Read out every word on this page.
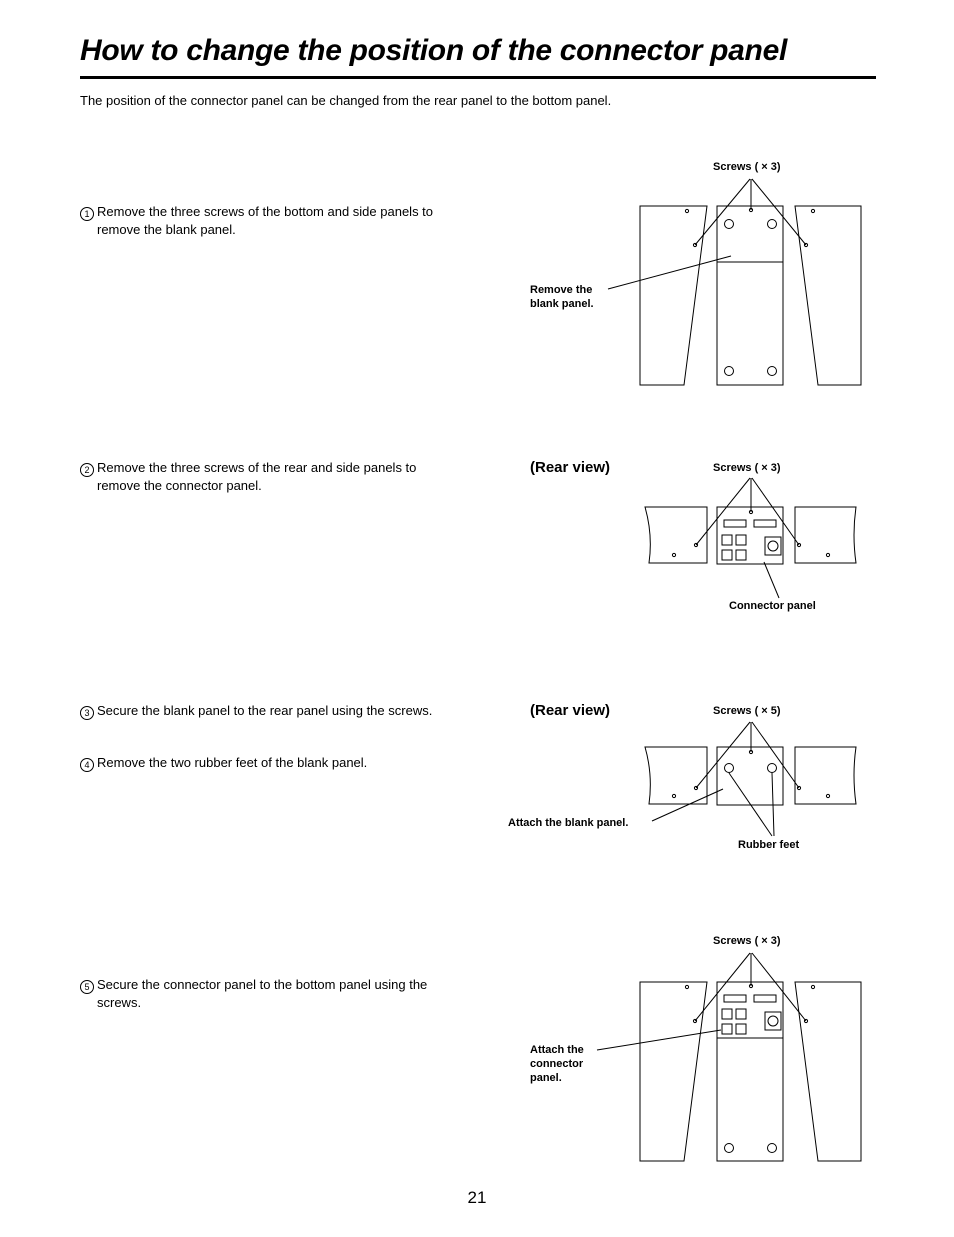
How to change the position of the connector panel
The position of the connector panel can be changed from the rear panel to the bottom panel.
1 Remove the three screws of the bottom and side panels to remove the blank panel.
2 Remove the three screws of the rear and side panels to remove the connector panel.
3 Secure the blank panel to the rear panel using the screws.
4 Remove the two rubber feet of the blank panel.
5 Secure the connector panel to the bottom panel using the screws.
Screws ( × 3)
Remove the
blank panel.
(Rear view)	Screws ( × 3)
Connector panel
(Rear view)	Screws ( × 5)
Attach the blank panel.
Rubber feet
Screws ( × 3)
Attach the
connector
panel.
21
